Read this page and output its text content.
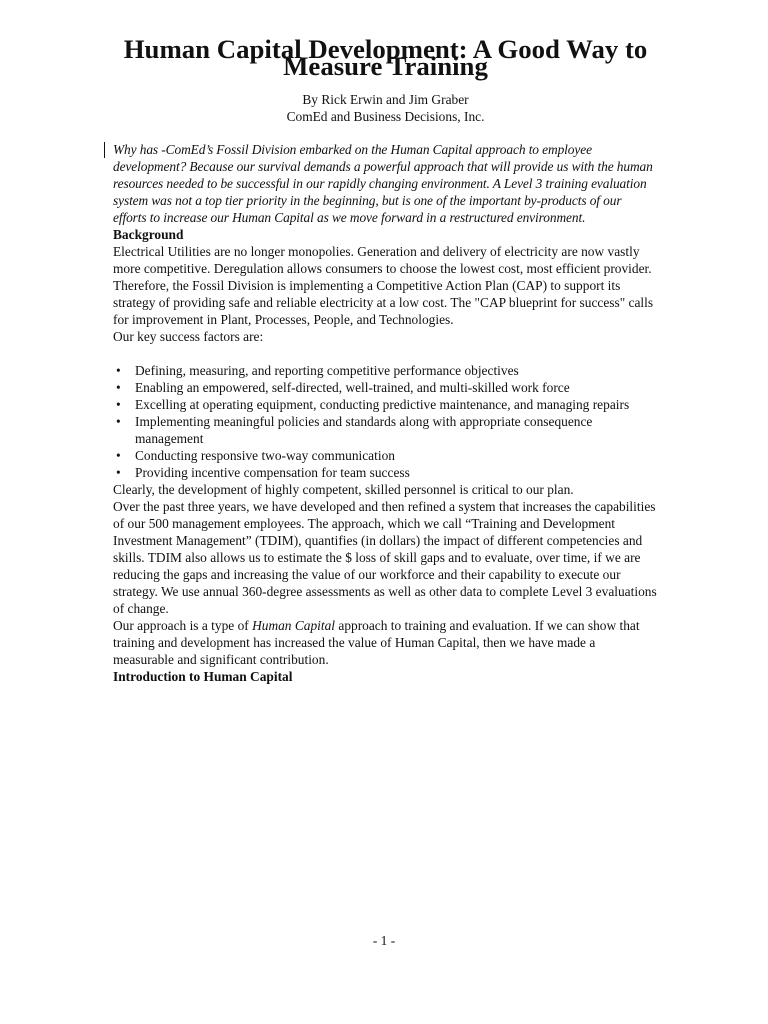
Human Capital Development: A Good Way to Measure Training
By Rick Erwin and Jim Graber
ComEd and Business Decisions, Inc.

Why has -ComEd’s Fossil Division embarked on the Human Capital approach to employee development? Because our survival demands a powerful approach that will provide us with the human resources needed to be successful in our rapidly changing environment. A Level 3 training evaluation system was not a top tier priority in the beginning, but is one of the important by-products of our efforts to increase our Human Capital as we move forward in a restructured environment.

Background

Electrical Utilities are no longer monopolies. Generation and delivery of electricity are now vastly more competitive. Deregulation allows consumers to choose the lowest cost, most efficient provider. Therefore, the Fossil Division is implementing a Competitive Action Plan (CAP) to support its strategy of providing safe and reliable electricity at a low cost. The "CAP blueprint for success" calls for improvement in Plant, Processes, People, and Technologies.

Our key success factors are:

•	Defining, measuring, and reporting competitive performance objectives
•	Enabling an empowered, self-directed, well-trained, and multi-skilled work force
•	Excelling at operating equipment, conducting predictive maintenance, and managing repairs
•	Implementing meaningful policies and standards along with appropriate consequence management
•	Conducting responsive two-way communication
•	Providing incentive compensation for team success

Clearly, the development of highly competent, skilled personnel is critical to our plan.

Over the past three years, we have developed and then refined a system that increases the capabilities of our 500 management employees. The approach, which we call “Training and Development Investment Management” (TDIM), quantifies (in dollars) the impact of different competencies and skills. TDIM also allows us to estimate the $ loss of skill gaps and to evaluate, over time, if we are reducing the gaps and increasing the value of our workforce and their capability to execute our strategy. We use annual 360-degree assessments as well as other data to complete Level 3 evaluations of change.

Our approach is a type of Human Capital approach to training and evaluation. If we can show that training and development has increased the value of Human Capital, then we have made a measurable and significant contribution.

Introduction to Human Capital
- 1 -
